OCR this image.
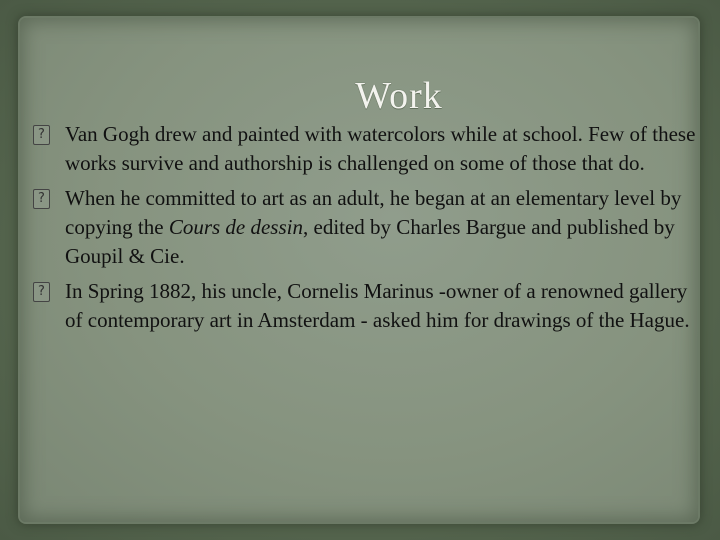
Work
? Van Gogh drew and painted with watercolors while at school. Few of these works survive and authorship is challenged on some of those that do.
? When he committed to art as an adult, he began at an elementary level by copying the Cours de dessin, edited by Charles Bargue and published by Goupil & Cie.
? In Spring 1882, his uncle, Cornelis Marinus -owner of a renowned gallery of contemporary art in Amsterdam - asked him for drawings of the Hague.
